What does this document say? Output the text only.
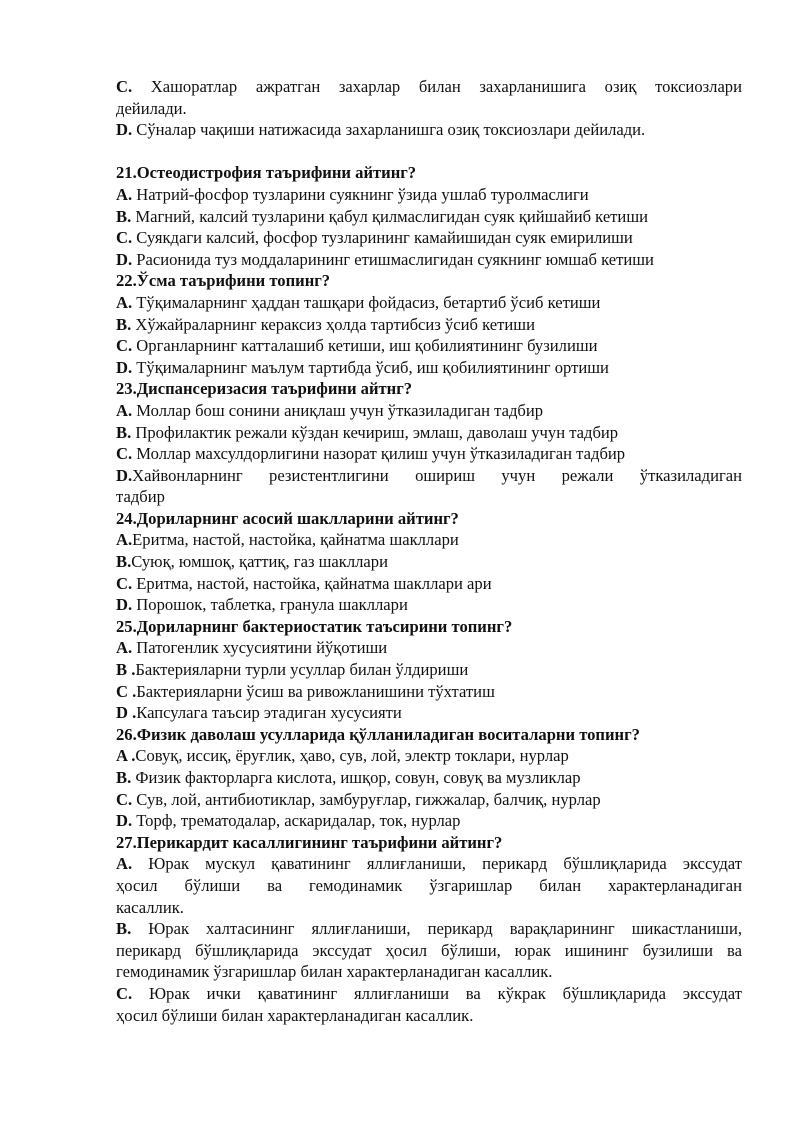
C. Хашоратлар ажратган захарлар билан захарланишига озиқ токсиозлари

дейилади.

D. Сўналар чақиши натижасида захарланишга озиқ токсиозлари дейилади.

21.Остеодистрофия таърифини айтинг?

A. Натрий-фосфор тузларини суякнинг ўзида ушлаб туролмаслиги

B. Магний, калсий тузларини қабул қилмаслигидан суяк қийшайиб кетиши

C. Суякдаги калсий, фосфор тузларининг камайишидан суяк емирилиши

D. Расионида туз моддаларининг етишмаслигидан суякнинг юмшаб кетиши

22.Ўсма таърифини топинг?

A. Тўқималарнинг ҳаддан ташқари фойдасиз, бетартиб ўсиб кетиши

B. Хўжайраларнинг керaксиз ҳолда тартибсиз ўсиб кетиши

C. Органларнинг катталашиб кетиши, иш қобилиятининг бузилиши

D. Тўқималарнинг маълум тартибда ўсиб, иш қобилиятининг ортиши

23.Диспансеризасия таърифини айтнг?

A. Моллар бош сонини аниқлаш учун ўтказиладиган тадбир

B. Профилактик режали кўздан кечириш, эмлаш, даволаш учун тадбир

C. Моллар махсулдорлигини назорат қилиш учун ўтказиладиган тадбир

D.Хайвонларнинг резистентлигини ошириш учун режали ўтказиладиган

тадбир

24.Дориларнинг асосий шаклларини айтинг?

A.Еритма, настой, настойка, қайнатма шакллари

B.Суюқ, юмшоқ, қаттиқ, газ шакллари

C. Еритма, настой, настойка, қайнатма шакллари ари

D. Порошок, таблетка, гранула шакллари

25.Дориларнинг бактериостатик таъсирини топинг?

A. Патогенлик хусусиятини йўқотиши

B .Бактерияларни турли усуллар билан ўлдириши

C .Бактерияларни ўсиш ва ривожланишини тўхтатиш

D .Капсулага таъсир этадиган хусусияти

26.Физик даволаш усулларида қўлланиладиган воситаларни топинг?

A .Совуқ, иссиқ, ёруғлик, ҳаво, сув, лой, электр токлари, нурлар

B. Физик факторларга кислота, ишқор, совун, совуқ ва музликлар

C. Сув, лой, антибиотиклар, замбуруғлар, гижжалар, балчиқ, нурлар

D. Торф, трематодалар, аскаридалар, ток, нурлар

27.Перикардит касаллигининг таърифини айтинг?

A. Юрак мускул қаватининг яллиғланиши, перикард бўшлиқларида экссудат

ҳосил бўлиши ва гемодинамик ўзгаришлар билан характерланадиган

касаллик.

B. Юрак халтасининг яллиғланиши, перикард варақларининг шикастланиши,

перикард бўшлиқларида экссудат ҳосил бўлиши, юрак ишининг бузилиши ва

гемодинамик ўзгаришлар билан характерланадиган касаллик.

C. Юрак ички қаватининг яллиғланиши ва кўкрак бўшлиқларида экссудат

ҳосил бўлиши билан характерланадиган касаллик.
